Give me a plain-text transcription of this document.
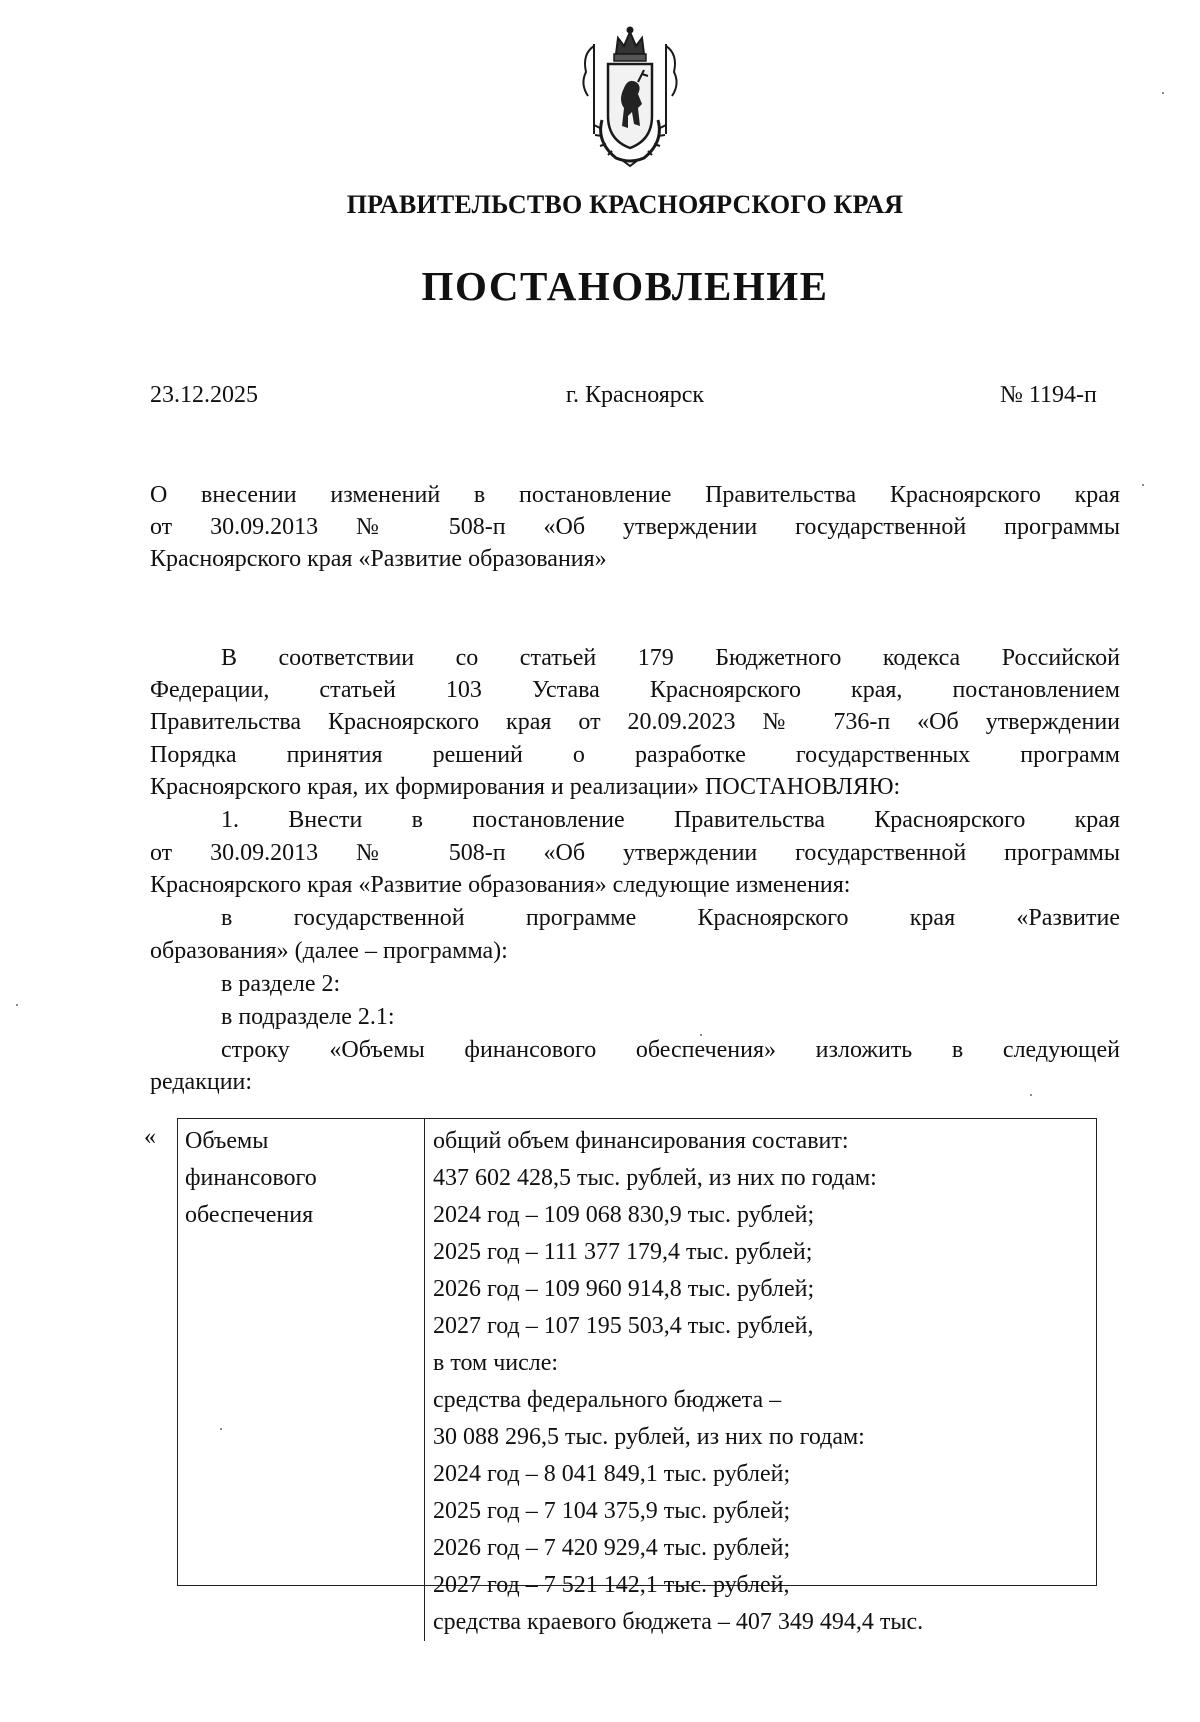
ПРАВИТЕЛЬСТВО КРАСНОЯРСКОГО КРАЯ
ПОСТАНОВЛЕНИЕ
23.12.2025	г. Красноярск	№ 1194-п
О внесении изменений в постановление Правительства Красноярского края
от 30.09.2013 № 508-п «Об утверждении государственной программы
Красноярского края «Развитие образования»
В соответствии со статьей 179 Бюджетного кодекса Российской
Федерации, статьей 103 Устава Красноярского края, постановлением
Правительства Красноярского края от 20.09.2023 № 736-п «Об утверждении
Порядка принятия решений о разработке государственных программ
Красноярского края, их формирования и реализации» ПОСТАНОВЛЯЮ:
1. Внести в постановление Правительства Красноярского края
от 30.09.2013 № 508-п «Об утверждении государственной программы
Красноярского края «Развитие образования» следующие изменения:
в государственной программе Красноярского края «Развитие
образования» (далее – программа):
в разделе 2:
в подразделе 2.1:
строку «Объемы финансового обеспечения» изложить в следующей
редакции:
« Объемы
финансового
обеспечения
общий объем финансирования составит:
437 602 428,5 тыс. рублей, из них по годам:
2024 год – 109 068 830,9 тыс. рублей;
2025 год – 111 377 179,4 тыс. рублей;
2026 год – 109 960 914,8 тыс. рублей;
2027 год – 107 195 503,4 тыс. рублей,
в том числе:
средства федерального бюджета –
30 088 296,5 тыс. рублей, из них по годам:
2024 год – 8 041 849,1 тыс. рублей;
2025 год – 7 104 375,9 тыс. рублей;
2026 год – 7 420 929,4 тыс. рублей;
2027 год – 7 521 142,1 тыс. рублей,
средства краевого бюджета – 407 349 494,4 тыс.
